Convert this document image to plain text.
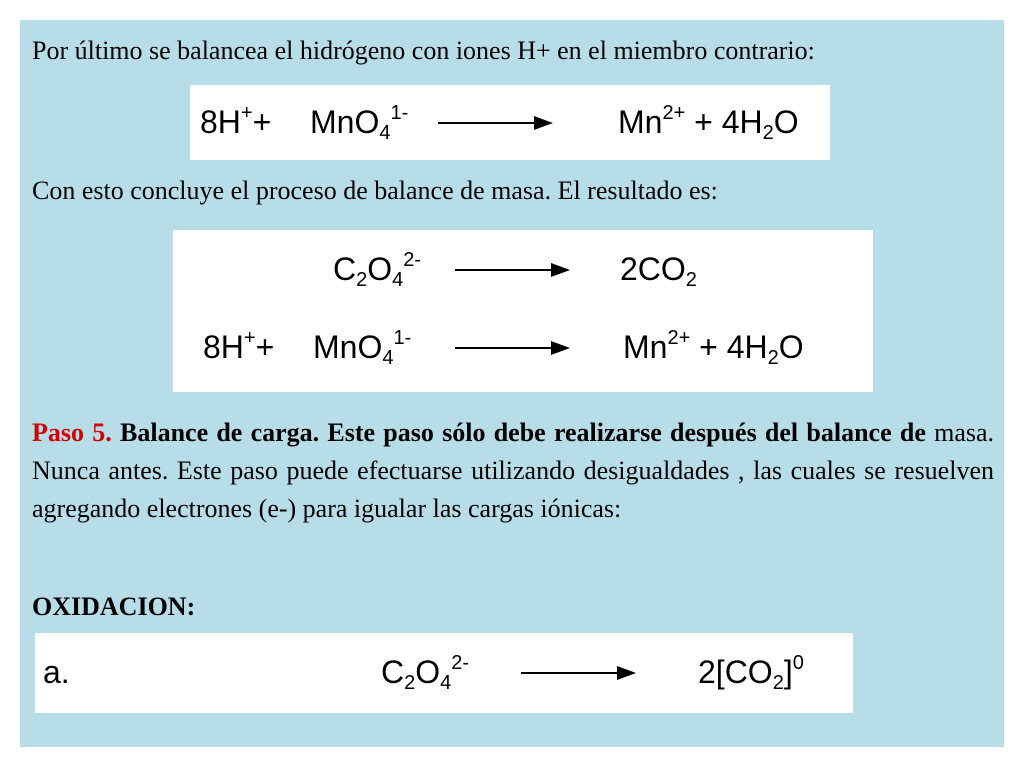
Por último se balancea el hidrógeno con iones H+ en el miembro contrario:

$8H^++ MnO_4^{1-} \to Mn^{2+} + 4H_2O$

Con esto concluye el proceso de balance de masa. El resultado es:

$C_2O_4^{2-} \to 2CO_2$
$8H^++ MnO_4^{1-} \to Mn^{2+} + 4H_2O$

Paso 5. Balance de carga. Este paso sólo debe realizarse después del balance de masa. Nunca antes. Este paso puede efectuarse utilizando desigualdades , las cuales se resuelven agregando electrones (e-) para igualar las cargas iónicas:

OXIDACION:

a.	$C_2O_4^{2-}$	$2[CO_2]^0$
